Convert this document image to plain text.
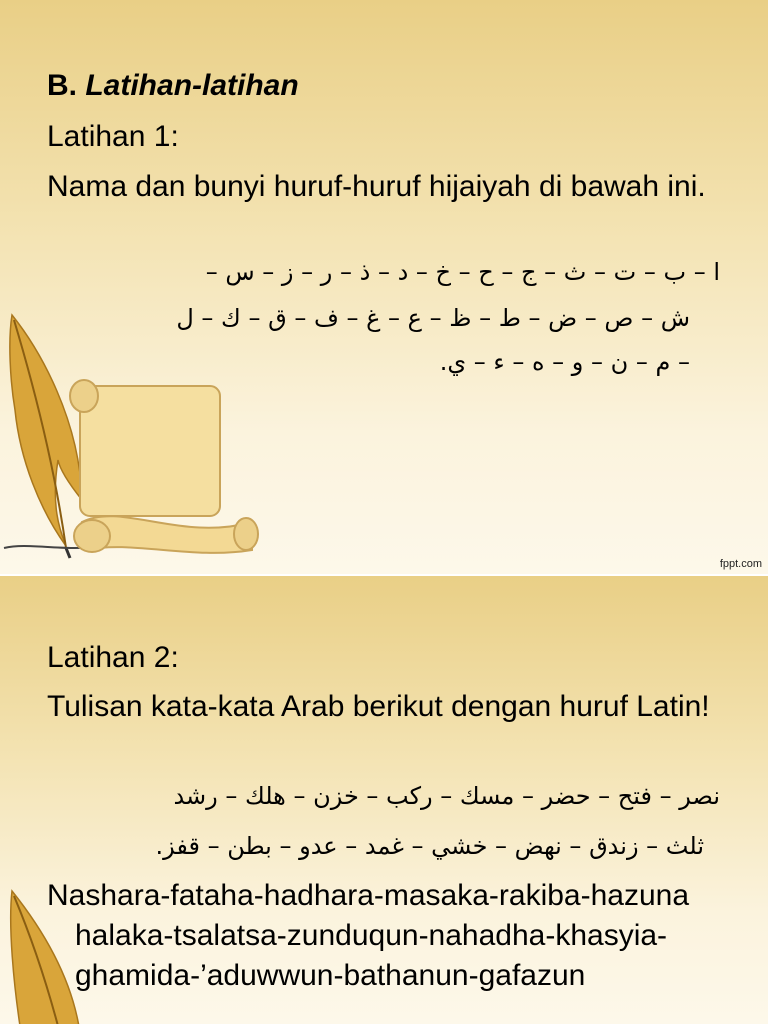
B. Latihan-latihan
Latihan 1:
Nama dan bunyi huruf-huruf hijaiyah di bawah ini.
ا – ب – ت – ث – ج – ح – خ – د – ذ – ر – ز – س –
ش – ص – ض – ط – ظ – ع – غ – ف – ق – ك – ل
– م – ن – و – ه – ء – ي.
fppt.com
Latihan 2:
Tulisan kata-kata Arab berikut dengan huruf Latin!
نصر – فتح – حضر – مسك – ركب – خزن – هلك – رشد
ثلث – زندق – نهض – خشي – غمد – عدو – بطن – قفز.
Nashara-fataha-hadhara-masaka-rakiba-hazuna halaka-tsalatsa-zunduqun-nahadha-khasyia-ghamida-’aduwwun-bathanun-gafazun
